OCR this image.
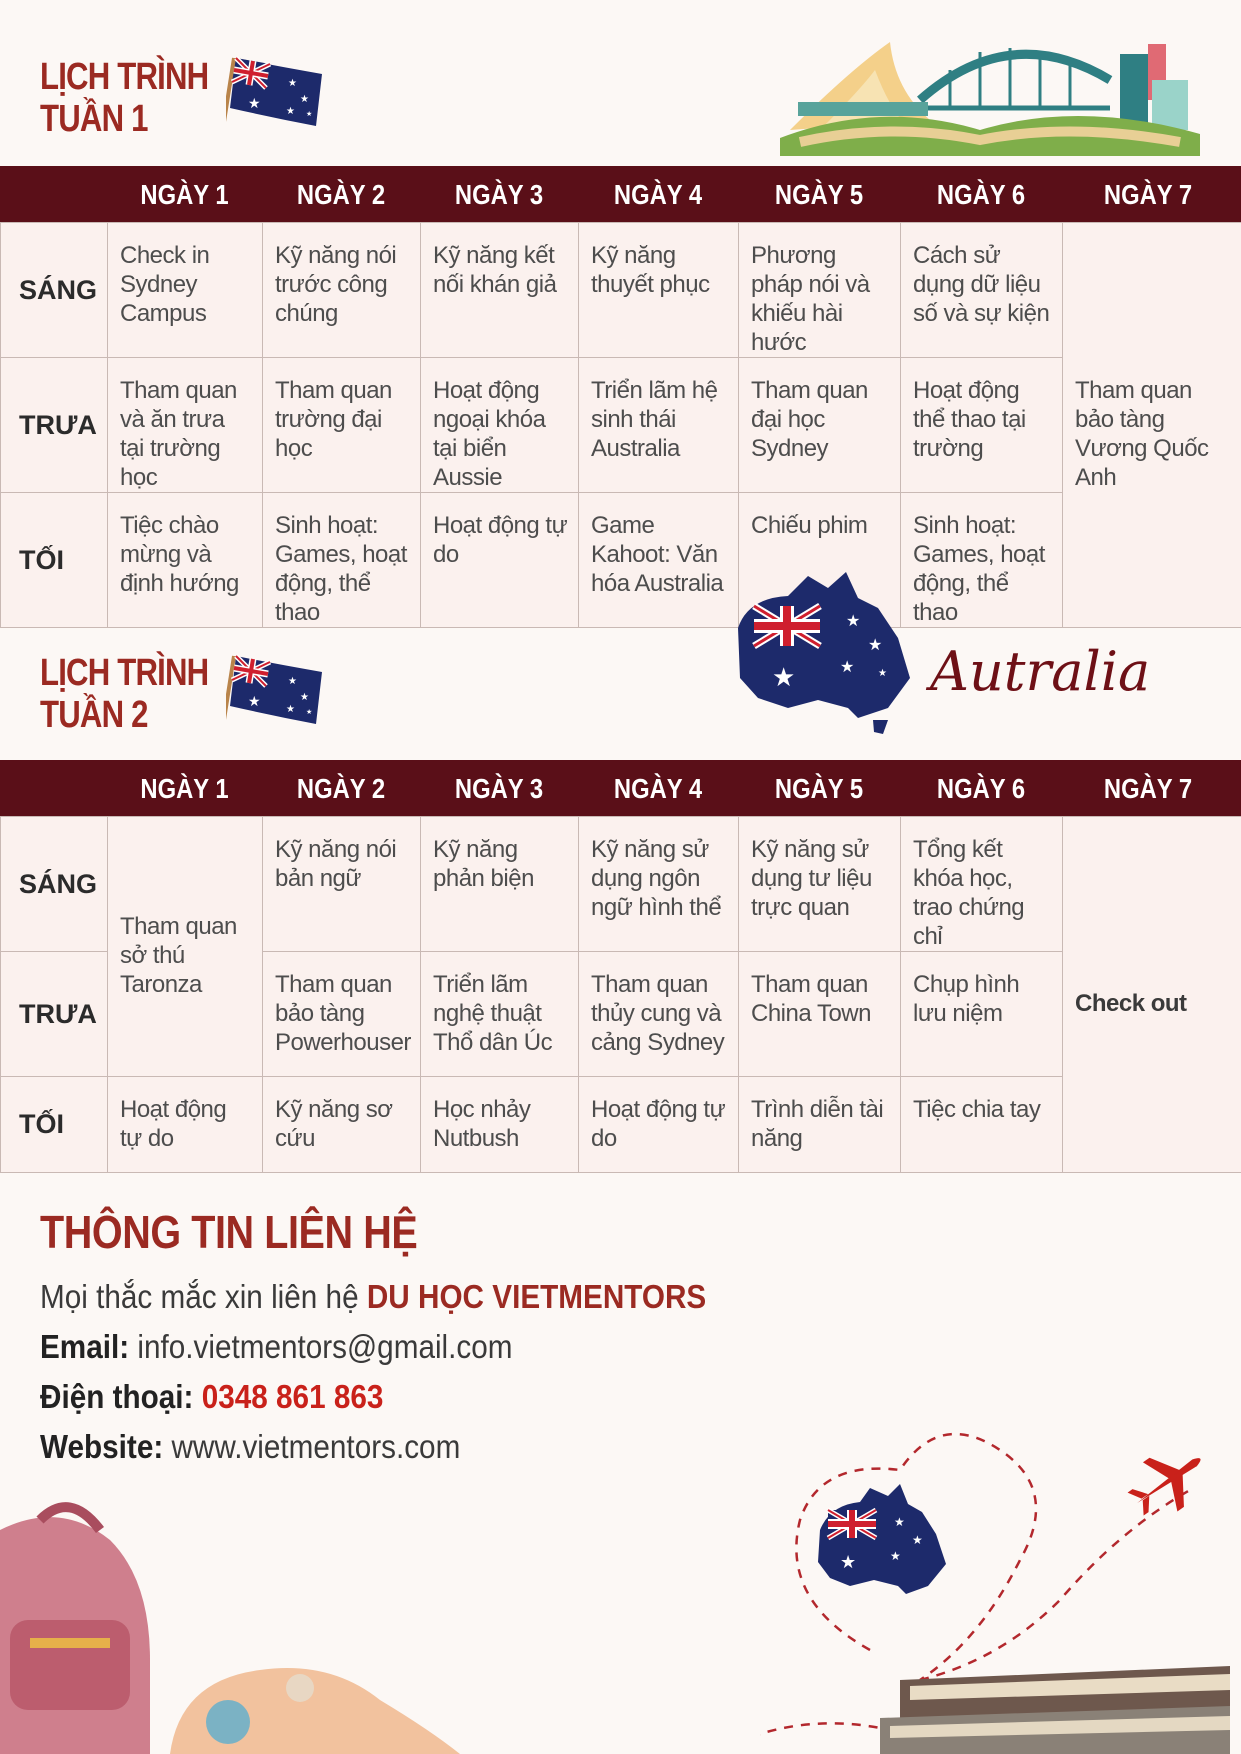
LỊCH TRÌNH
TUẦN 1	★
★
★
★ ★
NGÀY 1	NGÀY 2	NGÀY 3	NGÀY 4	NGÀY 5	NGÀY 6	NGÀY 7
SÁNG	Check in Sydney Campus	Kỹ năng nói trước công chúng	Kỹ năng kết nối khán giả	Kỹ năng thuyết phục	Phương pháp nói và khiếu hài hước	Cách sử dụng dữ liệu số và sự kiện	Tham quan bảo tàng Vương Quốc Anh
TRƯA	Tham quan và ăn trưa tại trường học	Tham quan trường đại học	Hoạt động ngoại khóa tại biển Aussie	Triển lãm hệ sinh thái Australia	Tham quan đại học Sydney	Hoạt động thể thao tại trường	
TỐI	Tiệc chào mừng và định hướng	Sinh hoạt: Games, hoạt động, thể thao	Hoạt động tự do	Game Kahoot: Văn hóa Australia	Chiếu phim	Sinh hoạt: Games, hoạt động, thể thao	
★
★
★
★ ★ Autralia
LỊCH TRÌNH
TUẦN 2	★
★
★
★ ★
NGÀY 1	NGÀY 2	NGÀY 3	NGÀY 4	NGÀY 5	NGÀY 6	NGÀY 7
SÁNG	Tham quan sở thú Taronza	Kỹ năng nói bản ngữ	Kỹ năng phản biện	Kỹ năng sử dụng ngôn ngữ hình thể	Kỹ năng sử dụng tư liệu trực quan	Tổng kết khóa học, trao chứng chỉ	Check out
TRƯA		Tham quan bảo tàng Powerhouser	Triển lãm nghệ thuật Thổ dân Úc	Tham quan thủy cung và cảng Sydney	Tham quan China Town	Chụp hình lưu niệm	
TỐI	Hoạt động tự do	Kỹ năng sơ cứu	Học nhảy Nutbush	Hoạt động tự do	Trình diễn tài năng	Tiệc chia tay	
THÔNG TIN LIÊN HỆ
Mọi thắc mắc xin liên hệ DU HỌC VIETMENTORS
Email: info.vietmentors@gmail.com
Điện thoại: 0348 861 863
Website: www.vietmentors.com
★
★
★
★
